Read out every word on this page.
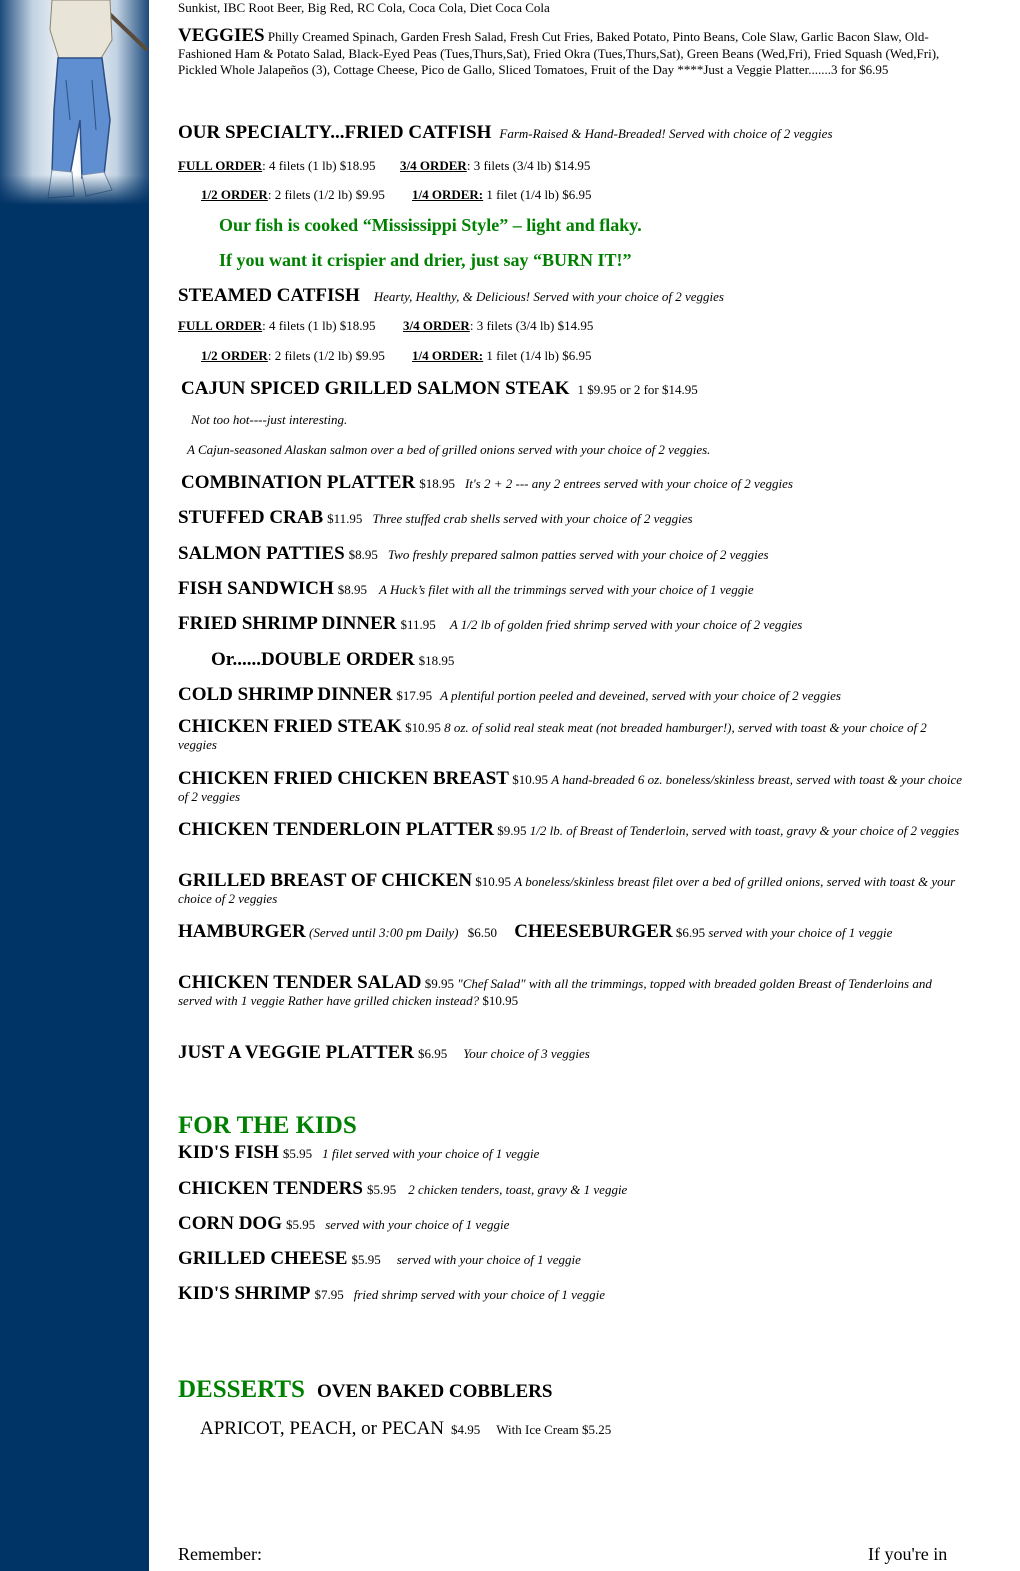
Sunkist, IBC Root Beer, Big Red, RC Cola, Coca Cola, Diet Coca Cola
VEGGIES Philly Creamed Spinach, Garden Fresh Salad, Fresh Cut Fries, Baked Potato, Pinto Beans, Cole Slaw, Garlic Bacon Slaw, Old-Fashioned Ham & Potato Salad, Black-Eyed Peas (Tues,Thurs,Sat), Fried Okra (Tues,Thurs,Sat), Green Beans (Wed,Fri), Fried Squash (Wed,Fri), Pickled Whole Jalapeños (3), Cottage Cheese, Pico de Gallo, Sliced Tomatoes, Fruit of the Day ****Just a Veggie Platter.......3 for $6.95
OUR SPECIALTY...FRIED CATFISH Farm-Raised & Hand-Breaded! Served with choice of 2 veggies
FULL ORDER: 4 filets (1 lb) $18.95 3/4 ORDER: 3 filets (3/4 lb) $14.95
1/2 ORDER: 2 filets (1/2 lb) $9.95 1/4 ORDER: 1 filet (1/4 lb) $6.95
Our fish is cooked “Mississippi Style” – light and flaky.
If you want it crispier and drier, just say “BURN IT!”
STEAMED CATFISH Hearty, Healthy, & Delicious! Served with your choice of 2 veggies
FULL ORDER: 4 filets (1 lb) $18.95 3/4 ORDER: 3 filets (3/4 lb) $14.95
1/2 ORDER: 2 filets (1/2 lb) $9.95 1/4 ORDER: 1 filet (1/4 lb) $6.95
CAJUN SPICED GRILLED SALMON STEAK 1 $9.95 or 2 for $14.95
Not too hot----just interesting.
A Cajun-seasoned Alaskan salmon over a bed of grilled onions served with your choice of 2 veggies.
COMBINATION PLATTER $18.95 It's 2 + 2 --- any 2 entrees served with your choice of 2 veggies
STUFFED CRAB $11.95 Three stuffed crab shells served with your choice of 2 veggies
SALMON PATTIES $8.95 Two freshly prepared salmon patties served with your choice of 2 veggies
FISH SANDWICH $8.95 A Huck’s filet with all the trimmings served with your choice of 1 veggie
FRIED SHRIMP DINNER $11.95 A 1/2 lb of golden fried shrimp served with your choice of 2 veggies
Or......DOUBLE ORDER $18.95
COLD SHRIMP DINNER $17.95 A plentiful portion peeled and deveined, served with your choice of 2 veggies
CHICKEN FRIED STEAK $10.95 8 oz. of solid real steak meat (not breaded hamburger!), served with toast & your choice of 2 veggies
CHICKEN FRIED CHICKEN BREAST $10.95 A hand-breaded 6 oz. boneless/skinless breast, served with toast & your choice of 2 veggies
CHICKEN TENDERLOIN PLATTER $9.95 1/2 lb. of Breast of Tenderloin, served with toast, gravy & your choice of 2 veggies
GRILLED BREAST OF CHICKEN $10.95 A boneless/skinless breast filet over a bed of grilled onions, served with toast & your choice of 2 veggies
HAMBURGER (Served until 3:00 pm Daily) $6.50 CHEESEBURGER $6.95 served with your choice of 1 veggie
CHICKEN TENDER SALAD $9.95 "Chef Salad" with all the trimmings, topped with breaded golden Breast of Tenderloins and served with 1 veggie Rather have grilled chicken instead? $10.95
JUST A VEGGIE PLATTER $6.95 Your choice of 3 veggies
FOR THE KIDS
KID'S FISH $5.95 1 filet served with your choice of 1 veggie
CHICKEN TENDERS $5.95 2 chicken tenders, toast, gravy & 1 veggie
CORN DOG $5.95 served with your choice of 1 veggie
GRILLED CHEESE $5.95 served with your choice of 1 veggie
KID'S SHRIMP $7.95 fried shrimp served with your choice of 1 veggie
DESSERTS OVEN BAKED COBBLERS
APRICOT, PEACH, or PECAN $4.95 With Ice Cream $5.25
Remember:	If you're in
